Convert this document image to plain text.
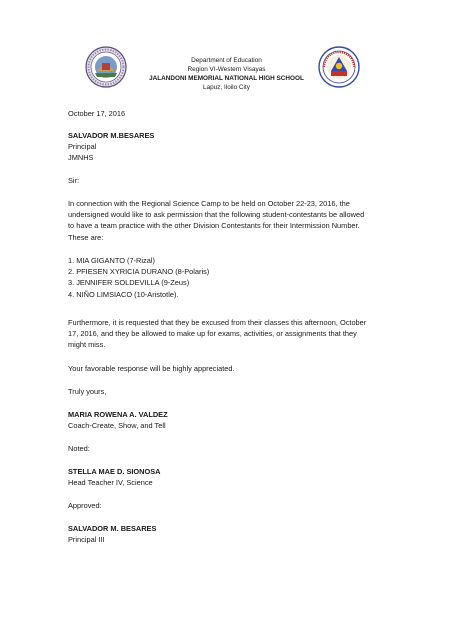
Department of Education
Region VI-Western Visayas
JALANDONI MEMORIAL NATIONAL HIGH SCHOOL
Lapuz, Iloilo City
October 17, 2016
SALVADOR M.BESARES
Principal
JMNHS
Sir:
In connection with the Regional Science Camp to be held on October 22-23, 2016, the
undersigned would like to ask permission that the following student-contestants be allowed
to have a team practice with the other Division Contestants for their Intermission Number.
These are:
1. MIA GIGANTO (7-Rizal)
2. PFIESEN XYRICIA DURANO (8-Polaris)
3. JENNIFER SOLDEVILLA (9-Zeus)
4. NIÑO LIMSIACO (10-Aristotle).
Furthermore, it is requested that they be excused from their classes this afternoon, October
17, 2016, and they be allowed to make up for exams, activities, or assignments that they
might miss.
Your favorable response will be highly appreciated.
Truly yours,
MARIA ROWENA A. VALDEZ
Coach-Create, Show, and Tell
Noted:
STELLA MAE D. SIONOSA
Head Teacher IV, Science
Approved:
SALVADOR M. BESARES
Principal III
